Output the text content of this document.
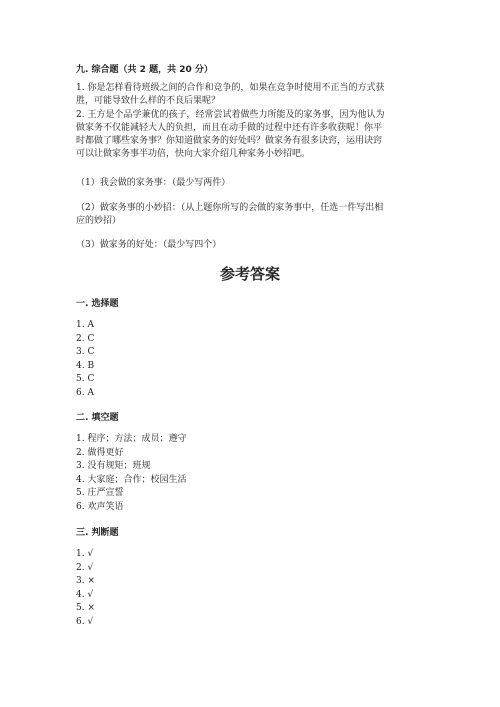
九. 综合题（共 2 题，共 20 分）
1. 你是怎样看待班级之间的合作和竞争的，如果在竞争时使用不正当的方式获
胜，可能导致什么样的不良后果呢？
2. 王方是个品学兼优的孩子，经常尝试着做些力所能及的家务事，因为他认为
做家务不仅能减轻大人的负担，而且在动手做的过程中还有许多收获呢！你平
时都做了哪些家务事？你知道做家务的好处吗？做家务有很多诀窍，运用诀窍
可以让做家务事半功倍，快向大家介绍几种家务小妙招吧。
（1）我会做的家务事：（最少写两件）
（2）做家务事的小妙招：（从上题你所写的会做的家务事中，任选一件写出相
应的妙招）
（3）做家务的好处：（最少写四个）
参考答案
一. 选择题
1. A
2. C
3. C
4. B
5. C
6. A
二. 填空题
1. 程序；方法；成员；遵守
2. 做得更好
3. 没有规矩；班规
4. 大家庭；合作；校园生活
5. 庄严宣誓
6. 欢声笑语
三. 判断题
1. √
2. √
3. ×
4. √
5. ×
6. √
